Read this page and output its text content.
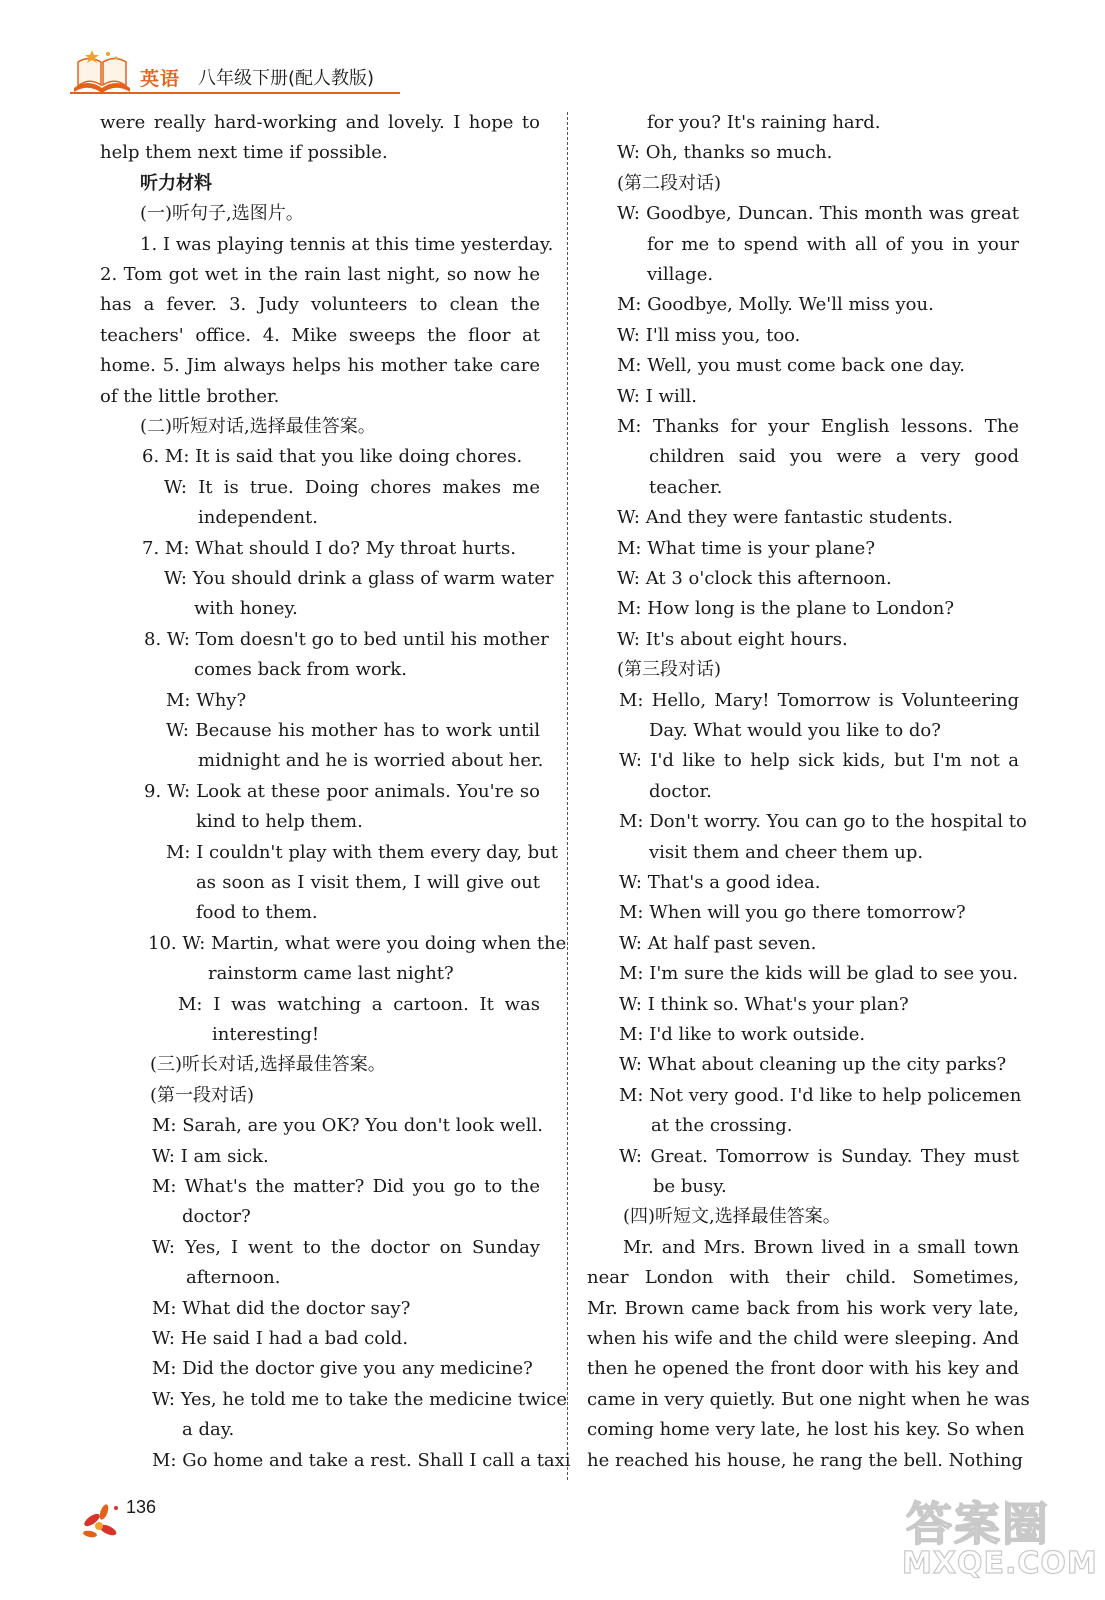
英语 八年级下册(配人教版)
were really hard-working and lovely. I hope to
help them next time if possible.
听力材料
(一)听句子,选图片。
1. I was playing tennis at this time yesterday.
2. Tom got wet in the rain last night, so now he
has a fever. 3. Judy volunteers to clean the
teachers' office. 4. Mike sweeps the floor at
home. 5. Jim always helps his mother take care
of the little brother.
(二)听短对话,选择最佳答案。
6. M: It is said that you like doing chores.
W: It is true. Doing chores makes me
independent.
7. M: What should I do? My throat hurts.
W: You should drink a glass of warm water
with honey.
8. W: Tom doesn't go to bed until his mother
comes back from work.
M: Why?
W: Because his mother has to work until
midnight and he is worried about her.
9. W: Look at these poor animals. You're so
kind to help them.
M: I couldn't play with them every day, but
as soon as I visit them, I will give out
food to them.
10. W: Martin, what were you doing when the
rainstorm came last night?
M: I was watching a cartoon. It was
interesting!
(三)听长对话,选择最佳答案。
(第一段对话)
M: Sarah, are you OK? You don't look well.
W: I am sick.
M: What's the matter? Did you go to the
doctor?
W: Yes, I went to the doctor on Sunday
afternoon.
M: What did the doctor say?
W: He said I had a bad cold.
M: Did the doctor give you any medicine?
W: Yes, he told me to take the medicine twice
a day.
M: Go home and take a rest. Shall I call a taxi
for you? It's raining hard.
W: Oh, thanks so much.
(第二段对话)
W: Goodbye, Duncan. This month was great
for me to spend with all of you in your
village.
M: Goodbye, Molly. We'll miss you.
W: I'll miss you, too.
M: Well, you must come back one day.
W: I will.
M: Thanks for your English lessons. The
children said you were a very good
teacher.
W: And they were fantastic students.
M: What time is your plane?
W: At 3 o'clock this afternoon.
M: How long is the plane to London?
W: It's about eight hours.
(第三段对话)
M: Hello, Mary! Tomorrow is Volunteering
Day. What would you like to do?
W: I'd like to help sick kids, but I'm not a
doctor.
M: Don't worry. You can go to the hospital to
visit them and cheer them up.
W: That's a good idea.
M: When will you go there tomorrow?
W: At half past seven.
M: I'm sure the kids will be glad to see you.
W: I think so. What's your plan?
M: I'd like to work outside.
W: What about cleaning up the city parks?
M: Not very good. I'd like to help policemen
at the crossing.
W: Great. Tomorrow is Sunday. They must
be busy.
(四)听短文,选择最佳答案。
Mr. and Mrs. Brown lived in a small town
near London with their child. Sometimes,
Mr. Brown came back from his work very late,
when his wife and the child were sleeping. And
then he opened the front door with his key and
came in very quietly. But one night when he was
coming home very late, he lost his key. So when
he reached his house, he rang the bell. Nothing
136	答案圈
MXQE.COM
